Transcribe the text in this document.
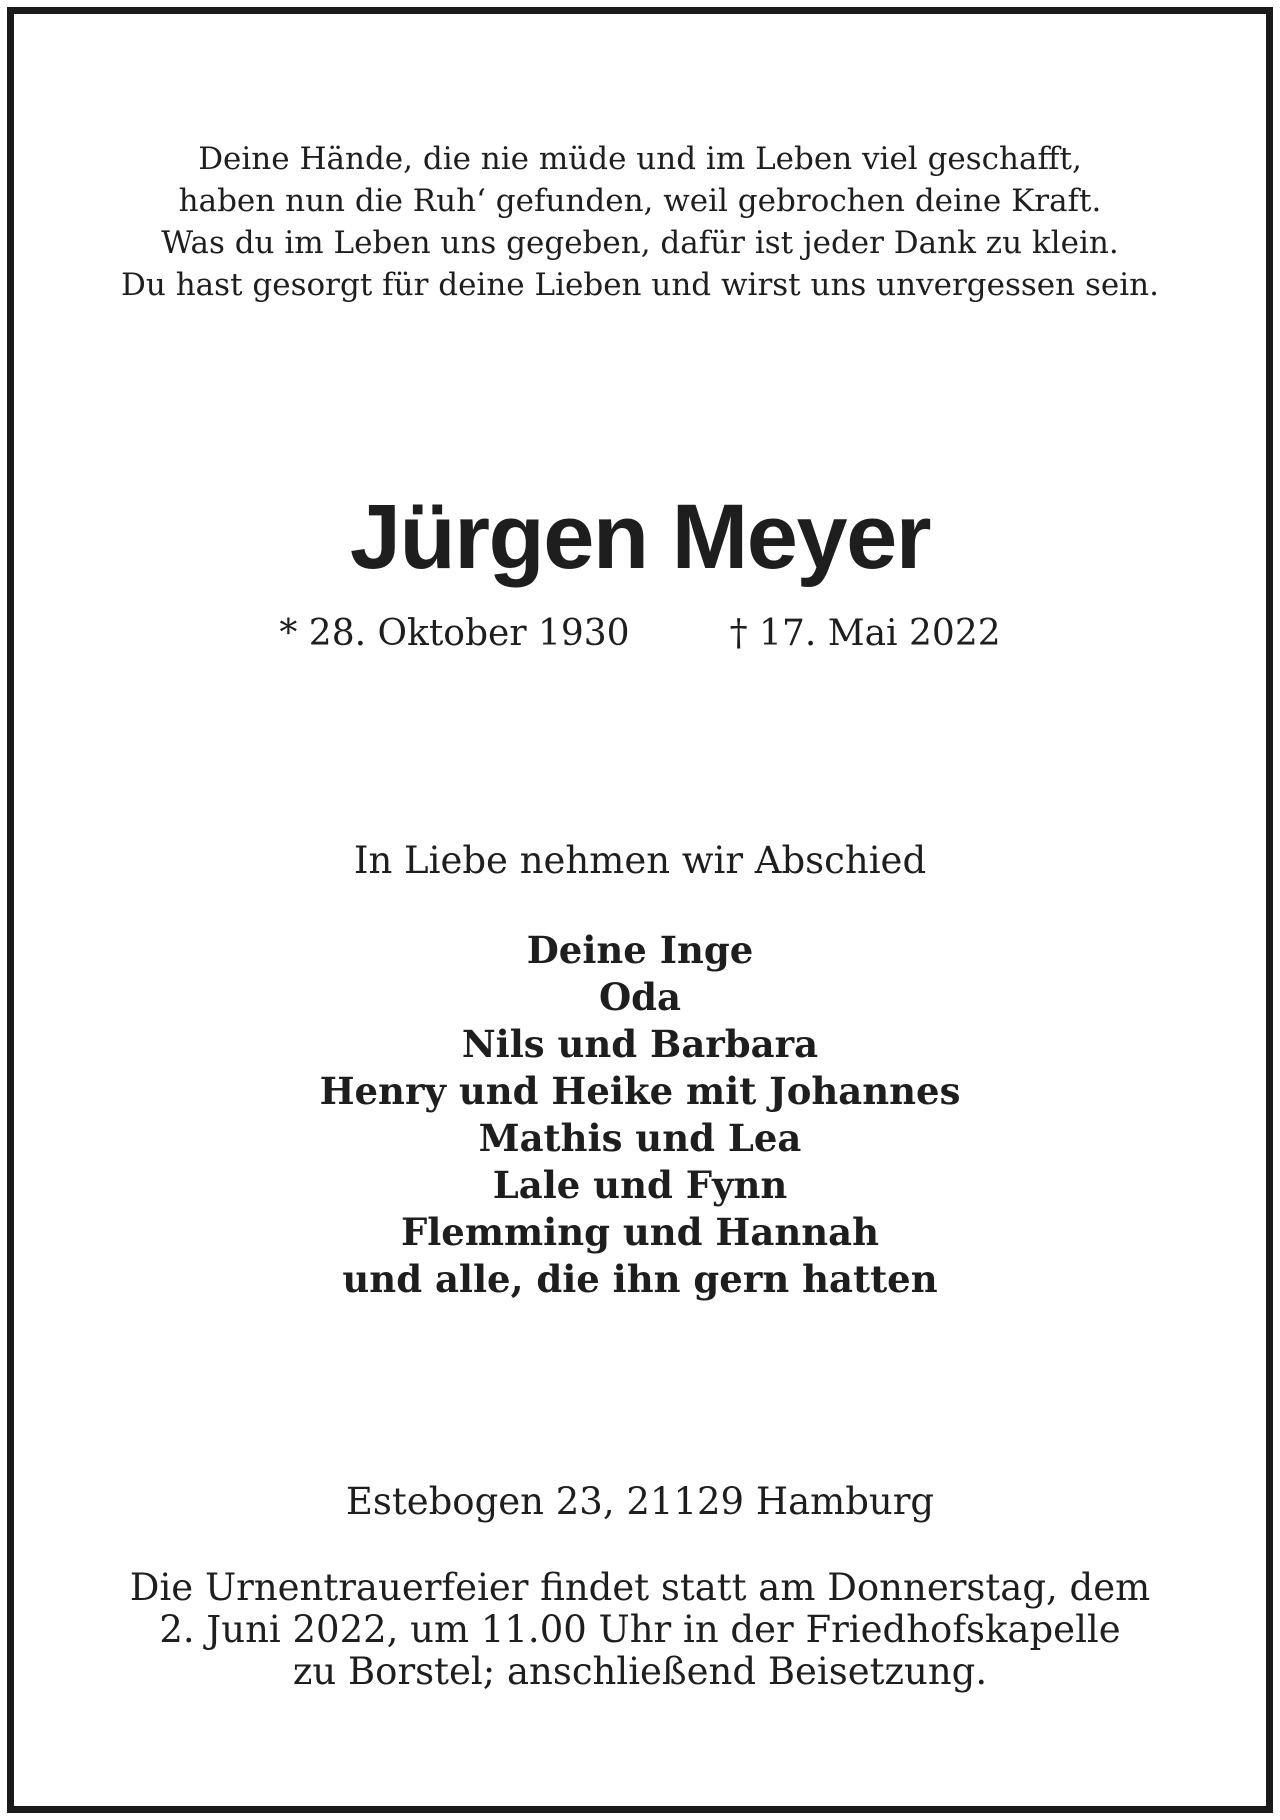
Deine Hände, die nie müde und im Leben viel geschafft,
haben nun die Ruh‘ gefunden, weil gebrochen deine Kraft.
Was du im Leben uns gegeben, dafür ist jeder Dank zu klein.
Du hast gesorgt für deine Lieben und wirst uns unvergessen sein.
Jürgen Meyer
* 28. Oktober 1930	† 17. Mai 2022
In Liebe nehmen wir Abschied
Deine Inge
Oda
Nils und Barbara
Henry und Heike mit Johannes
Mathis und Lea
Lale und Fynn
Flemming und Hannah
und alle, die ihn gern hatten
Estebogen 23, 21129 Hamburg
Die Urnentrauerfeier findet statt am Donnerstag, dem
2. Juni 2022, um 11.00 Uhr in der Friedhofskapelle
zu Borstel; anschließend Beisetzung.
